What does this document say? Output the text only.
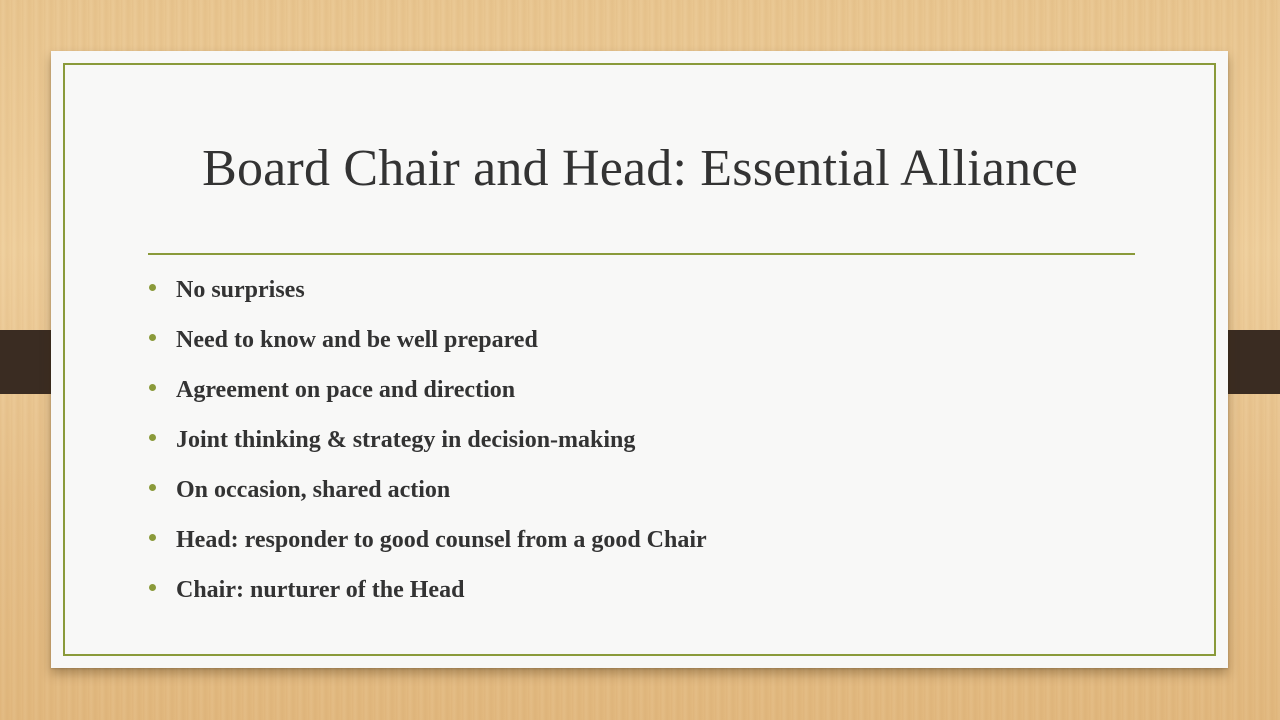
Board Chair and Head: Essential Alliance
No surprises
Need to know and be well prepared
Agreement on pace and direction
Joint thinking & strategy in decision-making
On occasion, shared action
Head: responder to good counsel from a good Chair
Chair: nurturer of the Head
